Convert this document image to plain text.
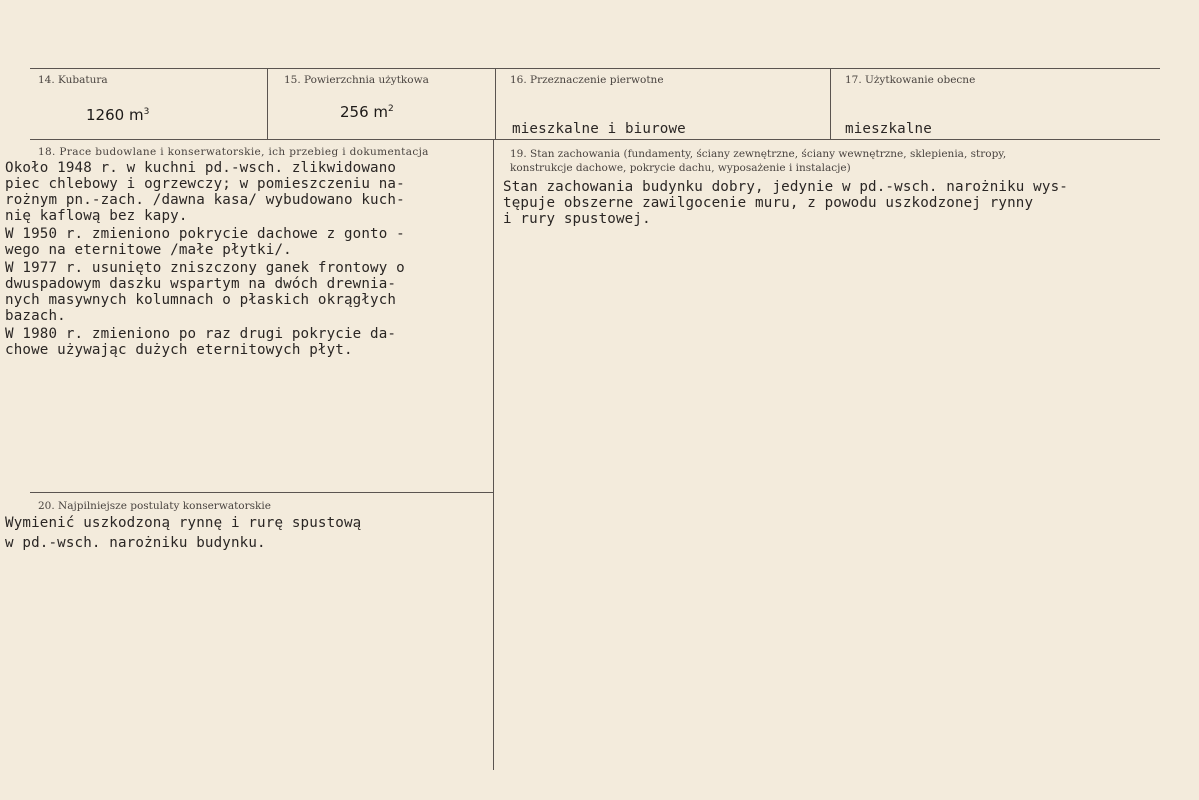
14. Kubatura
1260 $m^3$
15. Powierzchnia użytkowa
256 $m^2$
16. Przeznaczenie pierwotne
mieszkalne i biurowe
17. Użytkowanie obecne
mieszkalne
18. Prace budowlane i konserwatorskie, ich przebieg i dokumentacja
Około 1948 r. w kuchni pd.-wsch. zlikwidowano
piec chlebowy i ogrzewczy; w pomieszczeniu na-
rożnym pn.-zach. /dawna kasa/ wybudowano kuch-
nię kaflową bez kapy.
W 1950 r. zmieniono pokrycie dachowe z gonto -
wego na eternitowe /małe płytki/.
W 1977 r. usunięto zniszczony ganek frontowy o
dwuspadowym daszku wspartym na dwóch drewnia-
nych masywnych kolumnach o płaskich okrągłych
bazach.
W 1980 r. zmieniono po raz drugi pokrycie da-
chowe używając dużych eternitowych płyt.
19. Stan zachowania (fundamenty, ściany zewnętrzne, ściany wewnętrzne, sklepienia, stropy,
konstrukcje dachowe, pokrycie dachu, wyposażenie i instalacje)
Stan zachowania budynku dobry, jedynie w pd.-wsch. narożniku wys-
tępuje obszerne zawilgocenie muru, z powodu uszkodzonej rynny
i rury spustowej.
20. Najpilniejsze postulaty konserwatorskie
Wymienić uszkodzoną rynnę i rurę spustową
w pd.-wsch. narożniku budynku.
